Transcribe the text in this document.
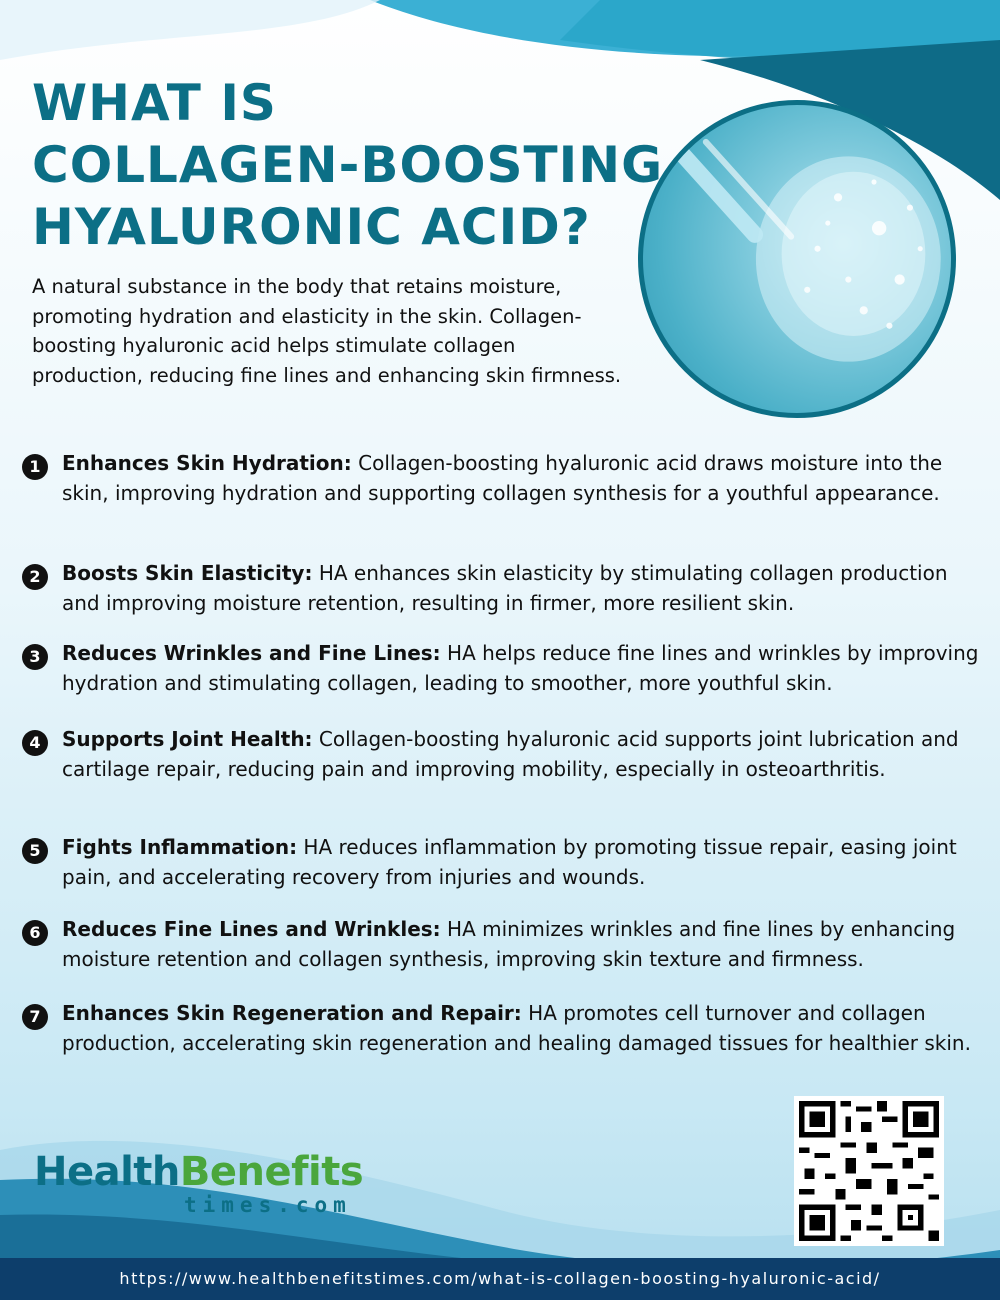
WHAT IS
COLLAGEN-BOOSTING
HYALURONIC ACID?

A natural substance in the body that retains moisture, promoting hydration and elasticity in the skin. Collagen-boosting hyaluronic acid helps stimulate collagen production, reducing fine lines and enhancing skin firmness.

1	Enhances Skin Hydration: Collagen-boosting hyaluronic acid draws moisture into the skin, improving hydration and supporting collagen synthesis for a youthful appearance.
2	Boosts Skin Elasticity: HA enhances skin elasticity by stimulating collagen production and improving moisture retention, resulting in firmer, more resilient skin.
3	Reduces Wrinkles and Fine Lines: HA helps reduce fine lines and wrinkles by improving hydration and stimulating collagen, leading to smoother, more youthful skin.
4	Supports Joint Health: Collagen-boosting hyaluronic acid supports joint lubrication and cartilage repair, reducing pain and improving mobility, especially in osteoarthritis.
5	Fights Inflammation: HA reduces inflammation by promoting tissue repair, easing joint pain, and accelerating recovery from injuries and wounds.
6	Reduces Fine Lines and Wrinkles: HA minimizes wrinkles and fine lines by enhancing moisture retention and collagen synthesis, improving skin texture and firmness.
7	Enhances Skin Regeneration and Repair: HA promotes cell turnover and collagen production, accelerating skin regeneration and healing damaged tissues for healthier skin.
HealthBenefits
times.com
https://www.healthbenefitstimes.com/what-is-collagen-boosting-hyaluronic-acid/
